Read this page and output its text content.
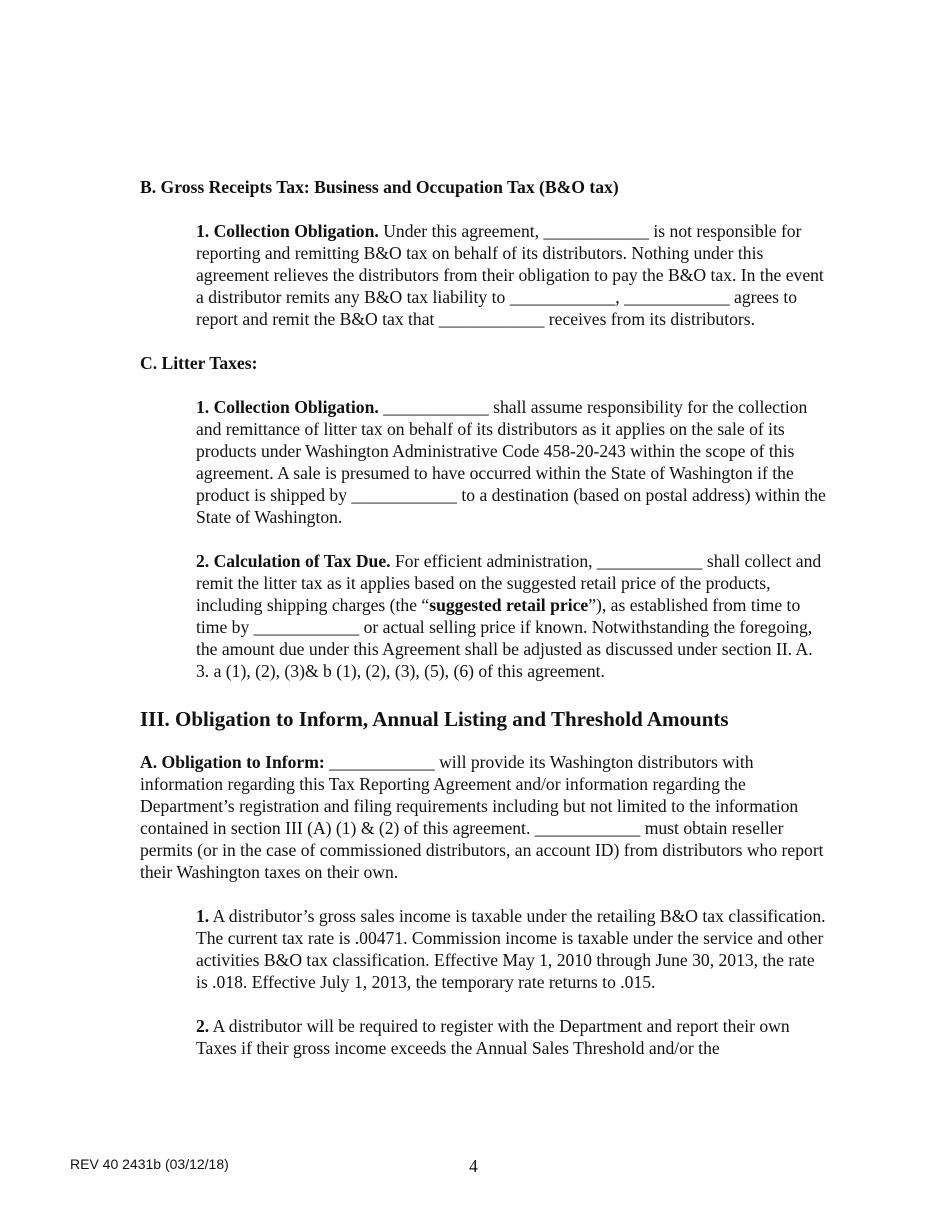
B. Gross Receipts Tax: Business and Occupation Tax (B&O tax)

1. Collection Obligation. Under this agreement, ____________ is not responsible for reporting and remitting B&O tax on behalf of its distributors. Nothing under this agreement relieves the distributors from their obligation to pay the B&O tax. In the event a distributor remits any B&O tax liability to ____________, ____________ agrees to report and remit the B&O tax that ____________ receives from its distributors.

C. Litter Taxes:

1. Collection Obligation. ____________ shall assume responsibility for the collection and remittance of litter tax on behalf of its distributors as it applies on the sale of its products under Washington Administrative Code 458-20-243 within the scope of this agreement. A sale is presumed to have occurred within the State of Washington if the product is shipped by ____________ to a destination (based on postal address) within the State of Washington.
2. Calculation of Tax Due. For efficient administration, ____________ shall collect and remit the litter tax as it applies based on the suggested retail price of the products, including shipping charges (the “suggested retail price”), as established from time to time by ____________ or actual selling price if known. Notwithstanding the foregoing, the amount due under this Agreement shall be adjusted as discussed under section II. A. 3. a (1), (2), (3)& b (1), (2), (3), (5), (6) of this agreement.

III. Obligation to Inform, Annual Listing and Threshold Amounts

A. Obligation to Inform: ____________ will provide its Washington distributors with information regarding this Tax Reporting Agreement and/or information regarding the Department’s registration and filing requirements including but not limited to the information contained in section III (A) (1) & (2) of this agreement. ____________ must obtain reseller permits (or in the case of commissioned distributors, an account ID) from distributors who report their Washington taxes on their own.
1. A distributor’s gross sales income is taxable under the retailing B&O tax classification. The current tax rate is .00471. Commission income is taxable under the service and other activities B&O tax classification. Effective May 1, 2010 through June 30, 2013, the rate is .018. Effective July 1, 2013, the temporary rate returns to .015.
2. A distributor will be required to register with the Department and report their own Taxes if their gross income exceeds the Annual Sales Threshold and/or the
REV 40 2431b (03/12/18)	4
